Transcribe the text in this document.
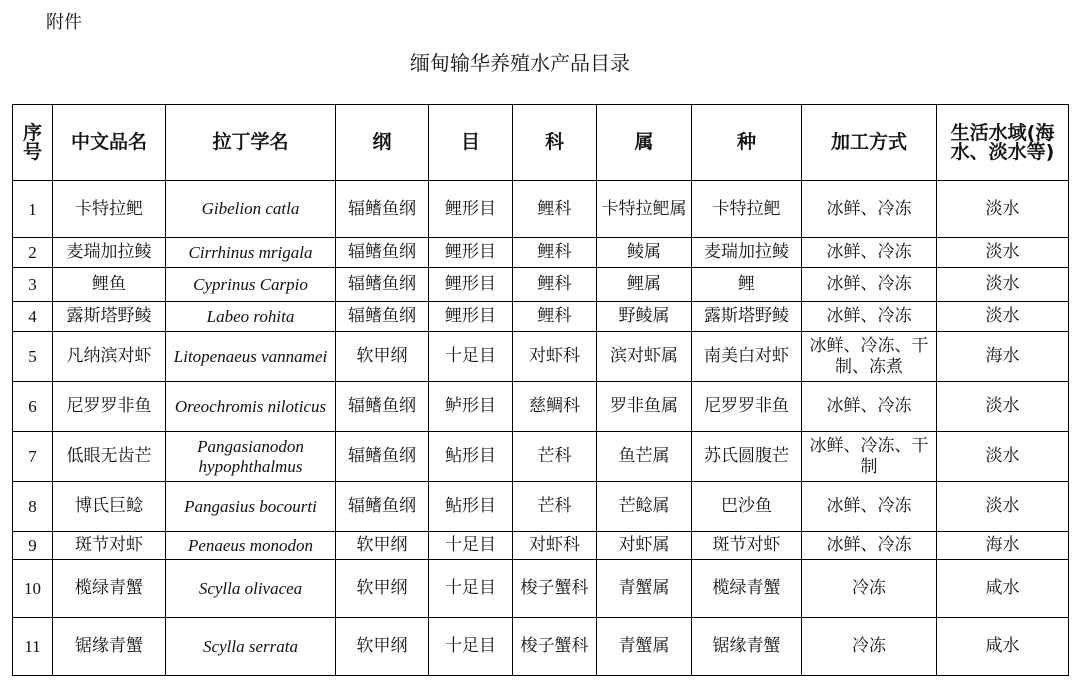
附件
缅甸输华养殖水产品目录
序号	中文品名	拉丁学名	纲	目	科	属	种	加工方式	生活水域(海水、淡水等)
1	卡特拉鲃	Gibelion catla	辐鳍鱼纲	鲤形目	鲤科	卡特拉鲃属	卡特拉鲃	冰鲜、冷冻	淡水
2	麦瑞加拉鲮	Cirrhinus mrigala	辐鳍鱼纲	鲤形目	鲤科	鲮属	麦瑞加拉鲮	冰鲜、冷冻	淡水
3	鲤鱼	Cyprinus Carpio	辐鳍鱼纲	鲤形目	鲤科	鲤属	鲤	冰鲜、冷冻	淡水
4	露斯塔野鲮	Labeo rohita	辐鳍鱼纲	鲤形目	鲤科	野鲮属	露斯塔野鲮	冰鲜、冷冻	淡水
5	凡纳滨对虾	Litopenaeus vannamei	软甲纲	十足目	对虾科	滨对虾属	南美白对虾	冰鲜、冷冻、干制、冻煮	海水
6	尼罗罗非鱼	Oreochromis niloticus	辐鳍鱼纲	鲈形目	慈鲷科	罗非鱼属	尼罗罗非鱼	冰鲜、冷冻	淡水
7	低眼无齿芒	Pangasianodon hypophthalmus	辐鳍鱼纲	鲇形目	芒科	鱼芒属	苏氏圆腹芒	冰鲜、冷冻、干制	淡水
8	博氏巨鲶	Pangasius bocourti	辐鳍鱼纲	鲇形目	芒科	芒鲶属	巴沙鱼	冰鲜、冷冻	淡水
9	斑节对虾	Penaeus monodon	软甲纲	十足目	对虾科	对虾属	斑节对虾	冰鲜、冷冻	海水
10	榄绿青蟹	Scylla olivacea	软甲纲	十足目	梭子蟹科	青蟹属	榄绿青蟹	冷冻	咸水
11	锯缘青蟹	Scylla serrata	软甲纲	十足目	梭子蟹科	青蟹属	锯缘青蟹	冷冻	咸水
